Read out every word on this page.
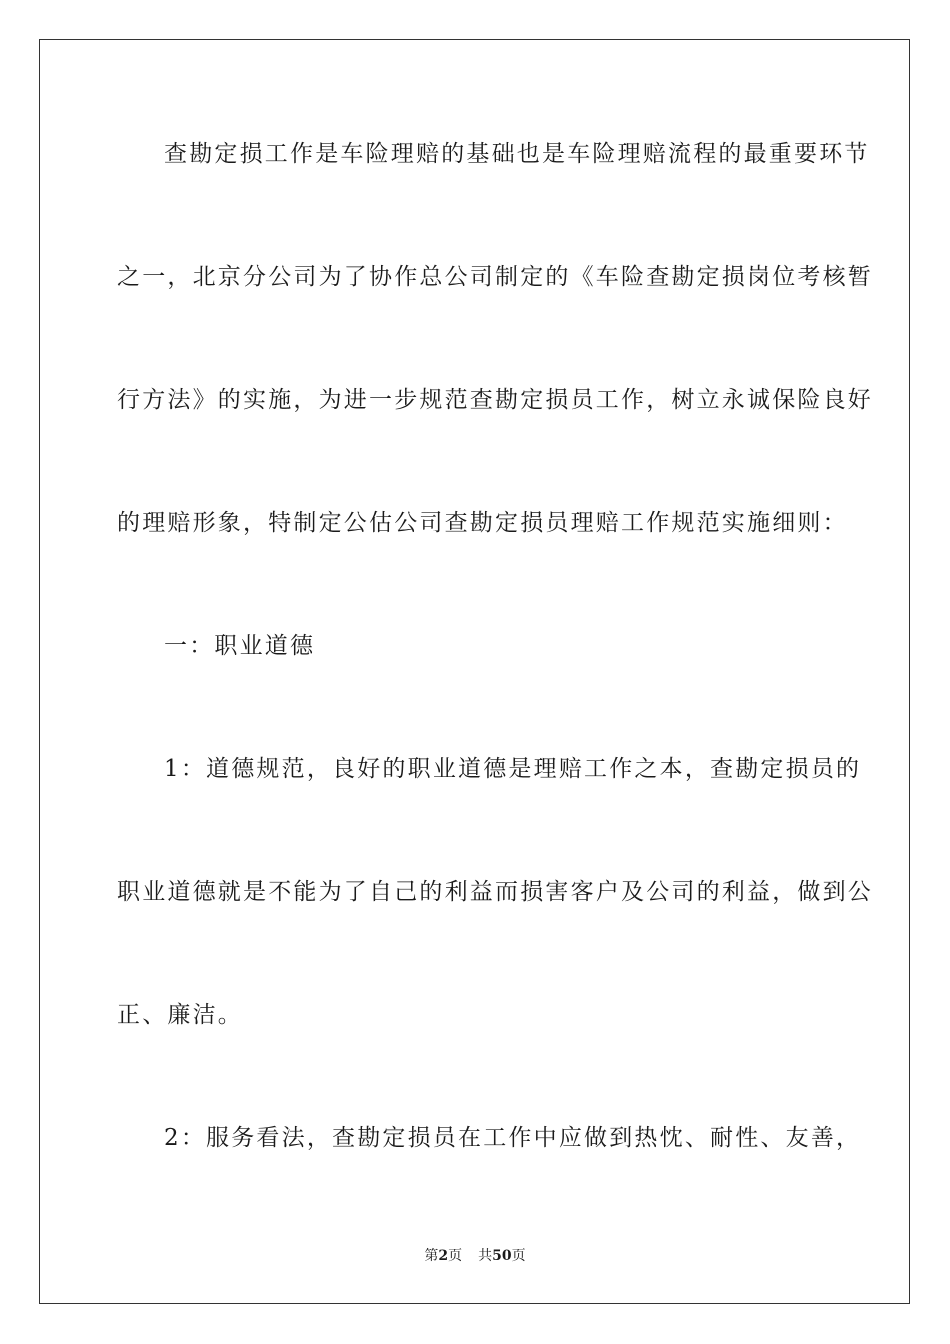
查勘定损工作是车险理赔的基础也是车险理赔流程的最重要环节
之一，北京分公司为了协作总公司制定的《车险查勘定损岗位考核暂
行方法》的实施，为进一步规范查勘定损员工作，树立永诚保险良好
的理赔形象，特制定公估公司查勘定损员理赔工作规范实施细则：
一：职业道德
1：道德规范，良好的职业道德是理赔工作之本，查勘定损员的
职业道德就是不能为了自己的利益而损害客户及公司的利益，做到公
正、廉洁。
2：服务看法，查勘定损员在工作中应做到热忱、耐性、友善，
第2页 共50页
